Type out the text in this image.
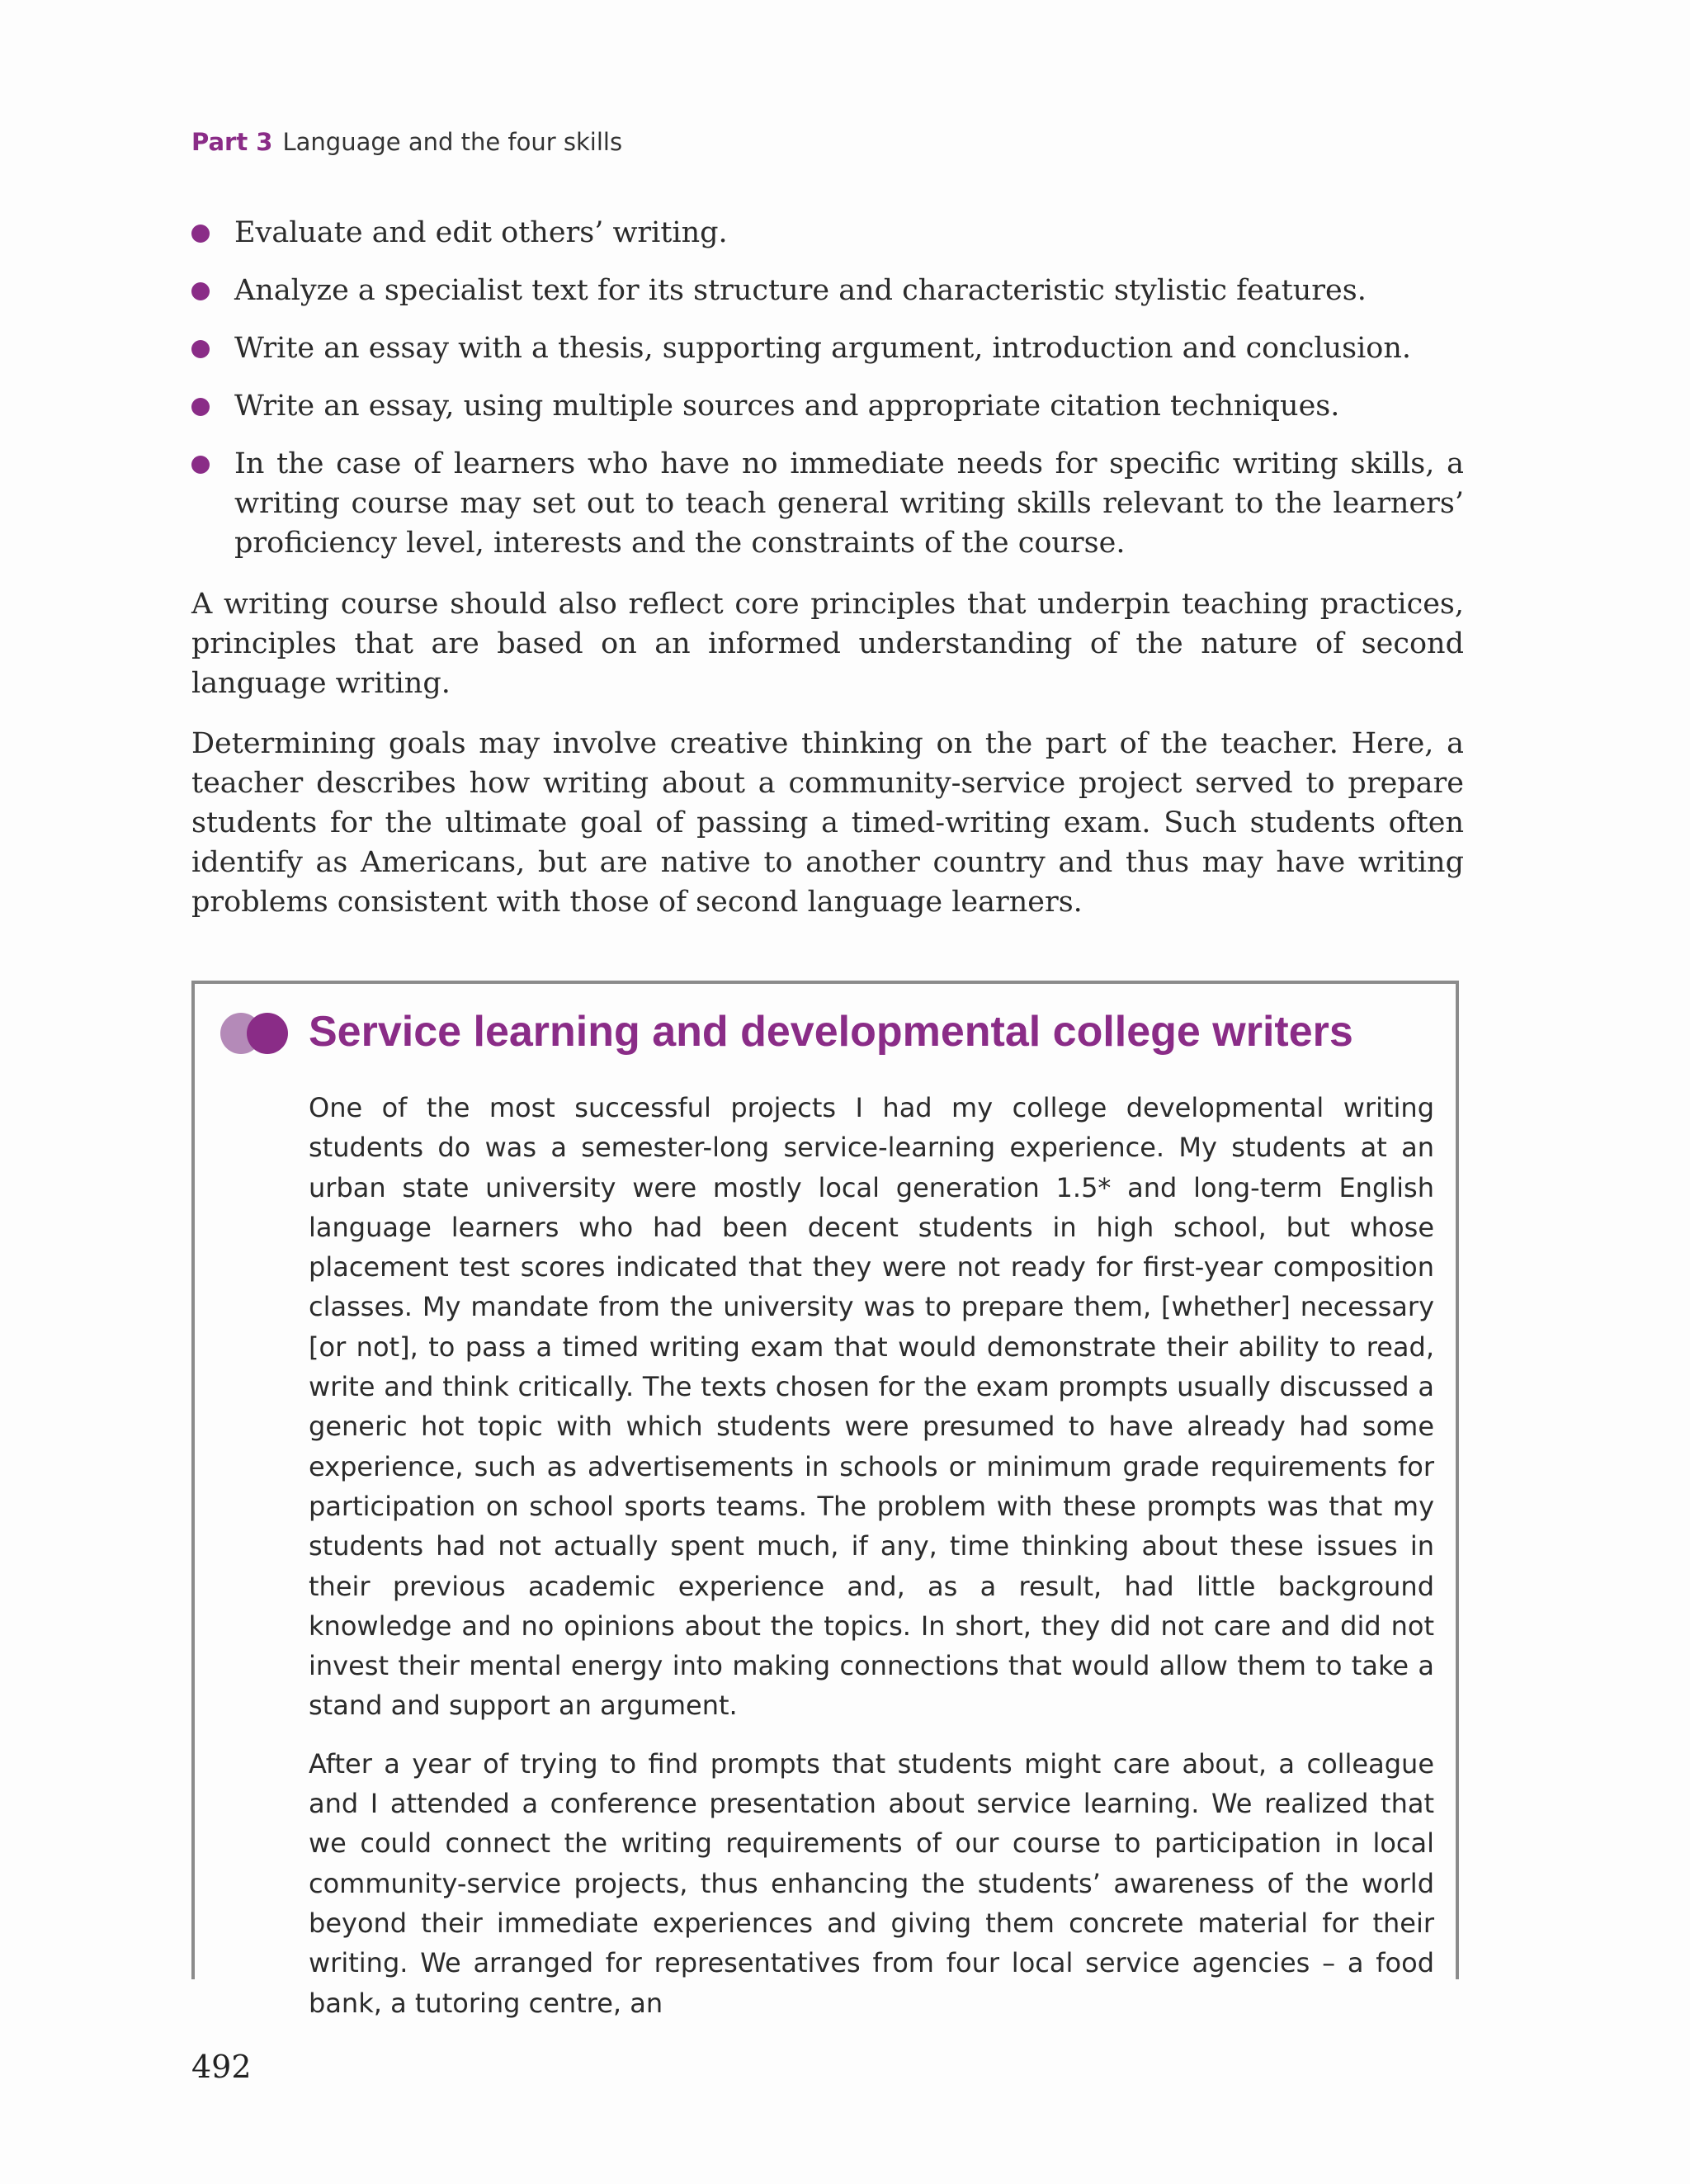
Part 3 Language and the four skills
Evaluate and edit others’ writing.
Analyze a specialist text for its structure and characteristic stylistic features.
Write an essay with a thesis, supporting argument, introduction and conclusion.
Write an essay, using multiple sources and appropriate citation techniques.
In the case of learners who have no immediate needs for specific writing skills, a writing course may set out to teach general writing skills relevant to the learners’ proficiency level, interests and the constraints of the course.

A writing course should also reflect core principles that underpin teaching practices, principles that are based on an informed understanding of the nature of second language writing.

Determining goals may involve creative thinking on the part of the teacher. Here, a teacher describes how writing about a community-service project served to prepare students for the ultimate goal of passing a timed-writing exam. Such students often identify as Americans, but are native to another country and thus may have writing problems consistent with those of second language learners.

Service learning and developmental college writers

One of the most successful projects I had my college developmental writing students do was a semester-long service-learning experience. My students at an urban state university were mostly local generation 1.5* and long-term English language learners who had been decent students in high school, but whose placement test scores indicated that they were not ready for first-year composition classes. My mandate from the university was to prepare them, [whether] necessary [or not], to pass a timed writing exam that would demonstrate their ability to read, write and think critically. The texts chosen for the exam prompts usually discussed a generic hot topic with which students were presumed to have already had some experience, such as advertisements in schools or minimum grade requirements for participation on school sports teams. The problem with these prompts was that my students had not actually spent much, if any, time thinking about these issues in their previous academic experience and, as a result, had little background knowledge and no opinions about the topics. In short, they did not care and did not invest their mental energy into making connections that would allow them to take a stand and support an argument.

After a year of trying to find prompts that students might care about, a colleague and I attended a conference presentation about service learning. We realized that we could connect the writing requirements of our course to participation in local community-service projects, thus enhancing the students’ awareness of the world beyond their immediate experiences and giving them concrete material for their writing. We arranged for representatives from four local service agencies – a food bank, a tutoring centre, an

492
